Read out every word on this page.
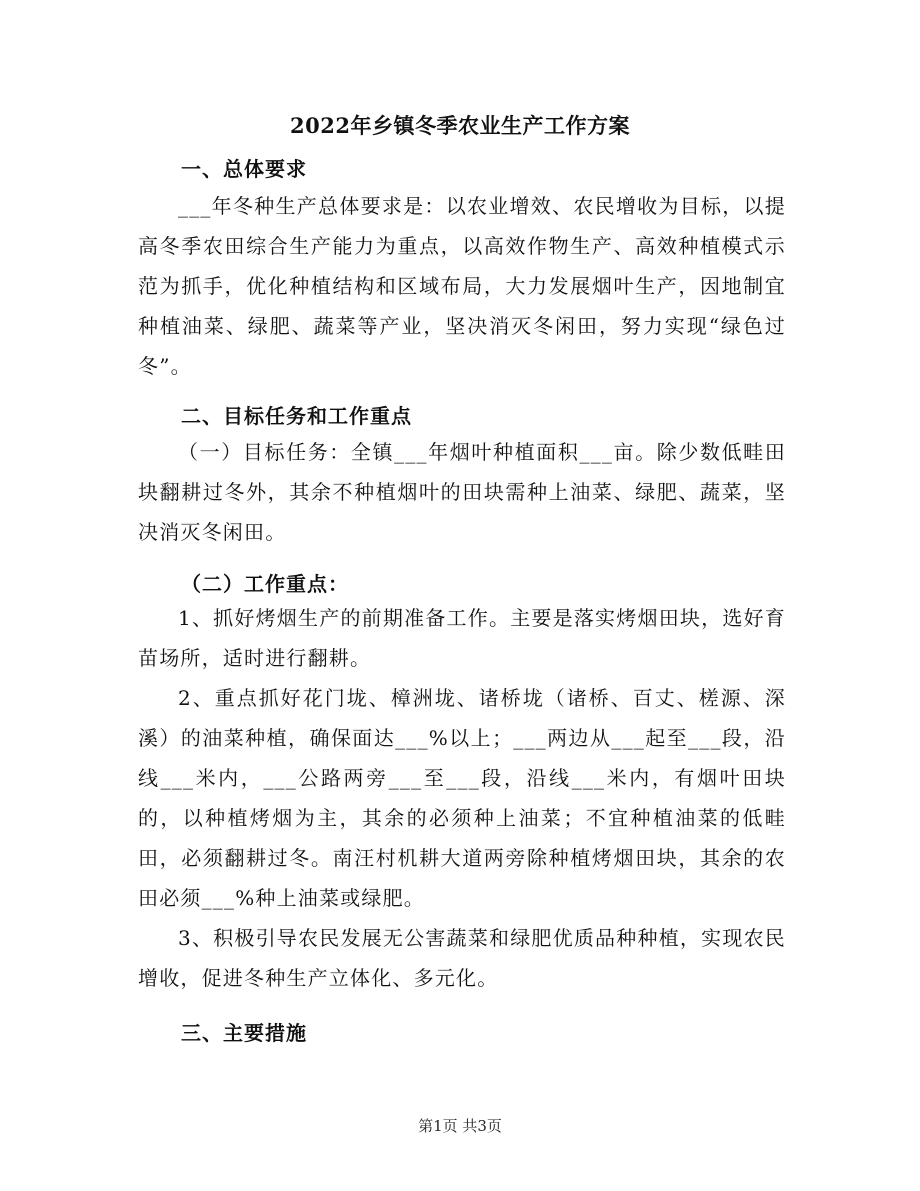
2022年乡镇冬季农业生产工作方案
一、总体要求
___年冬种生产总体要求是：以农业增效、农民增收为目标，以提高冬季农田综合生产能力为重点，以高效作物生产、高效种植模式示范为抓手，优化种植结构和区域布局，大力发展烟叶生产，因地制宜种植油菜、绿肥、蔬菜等产业，坚决消灭冬闲田，努力实现“绿色过冬”。
二、目标任务和工作重点
（一）目标任务：全镇___年烟叶种植面积___亩。除少数低畦田块翻耕过冬外，其余不种植烟叶的田块需种上油菜、绿肥、蔬菜，坚决消灭冬闲田。
（二）工作重点：
1、抓好烤烟生产的前期准备工作。主要是落实烤烟田块，选好育苗场所，适时进行翻耕。
2、重点抓好花门垅、樟洲垅、诸桥垅（诸桥、百丈、槎源、深溪）的油菜种植，确保面达___%以上；___两边从___起至___段，沿线___米内，___公路两旁___至___段，沿线___米内，有烟叶田块的，以种植烤烟为主，其余的必须种上油菜；不宜种植油菜的低畦田，必须翻耕过冬。南汪村机耕大道两旁除种植烤烟田块，其余的农田必须___%种上油菜或绿肥。
3、积极引导农民发展无公害蔬菜和绿肥优质品种种植，实现农民增收，促进冬种生产立体化、多元化。
三、主要措施
第1页 共3页
